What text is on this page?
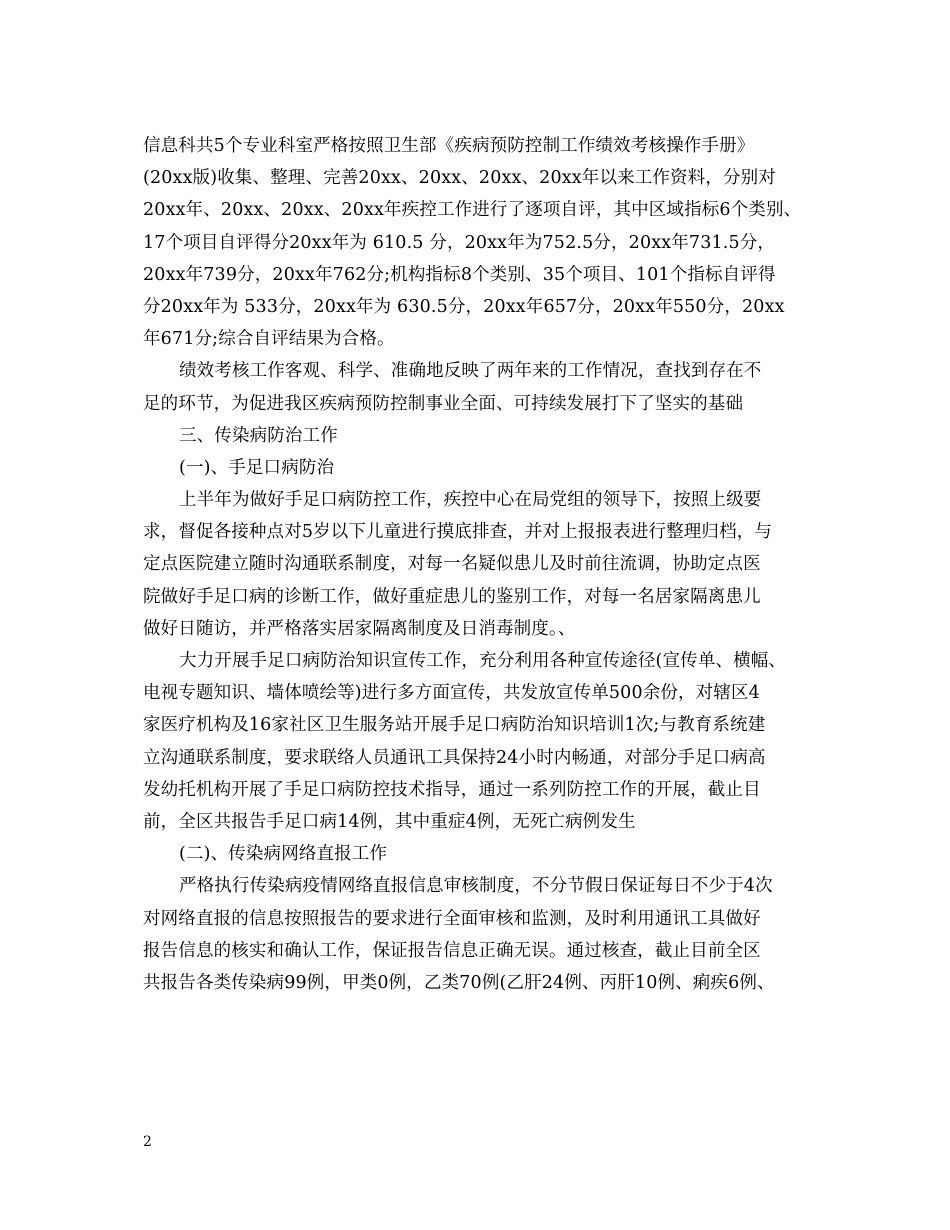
信息科共5个专业科室严格按照卫生部《疾病预防控制工作绩效考核操作手册》
(20xx版)收集、整理、完善20xx、20xx、20xx、20xx年以来工作资料，分别对
20xx年、20xx、20xx、20xx年疾控工作进行了逐项自评，其中区域指标6个类别、
17个项目自评得分20xx年为 610.5 分，20xx年为752.5分，20xx年731.5分，
20xx年739分，20xx年762分;机构指标8个类别、35个项目、101个指标自评得
分20xx年为 533分，20xx年为 630.5分，20xx年657分，20xx年550分，20xx
年671分;综合自评结果为合格。
绩效考核工作客观、科学、准确地反映了两年来的工作情况，查找到存在不
足的环节，为促进我区疾病预防控制事业全面、可持续发展打下了坚实的基础
三、传染病防治工作
(一)、手足口病防治
上半年为做好手足口病防控工作，疾控中心在局党组的领导下，按照上级要
求，督促各接种点对5岁以下儿童进行摸底排查，并对上报报表进行整理归档，与
定点医院建立随时沟通联系制度，对每一名疑似患儿及时前往流调，协助定点医
院做好手足口病的诊断工作，做好重症患儿的鉴别工作，对每一名居家隔离患儿
做好日随访，并严格落实居家隔离制度及日消毒制度。、
大力开展手足口病防治知识宣传工作，充分利用各种宣传途径(宣传单、横幅、
电视专题知识、墙体喷绘等)进行多方面宣传，共发放宣传单500余份，对辖区4
家医疗机构及16家社区卫生服务站开展手足口病防治知识培训1次;与教育系统建
立沟通联系制度，要求联络人员通讯工具保持24小时内畅通，对部分手足口病高
发幼托机构开展了手足口病防控技术指导，通过一系列防控工作的开展，截止目
前，全区共报告手足口病14例，其中重症4例，无死亡病例发生
(二)、传染病网络直报工作
严格执行传染病疫情网络直报信息审核制度，不分节假日保证每日不少于4次
对网络直报的信息按照报告的要求进行全面审核和监测，及时利用通讯工具做好
报告信息的核实和确认工作，保证报告信息正确无误。通过核查，截止目前全区
共报告各类传染病99例，甲类0例，乙类70例(乙肝24例、丙肝10例、痢疾6例、
2
